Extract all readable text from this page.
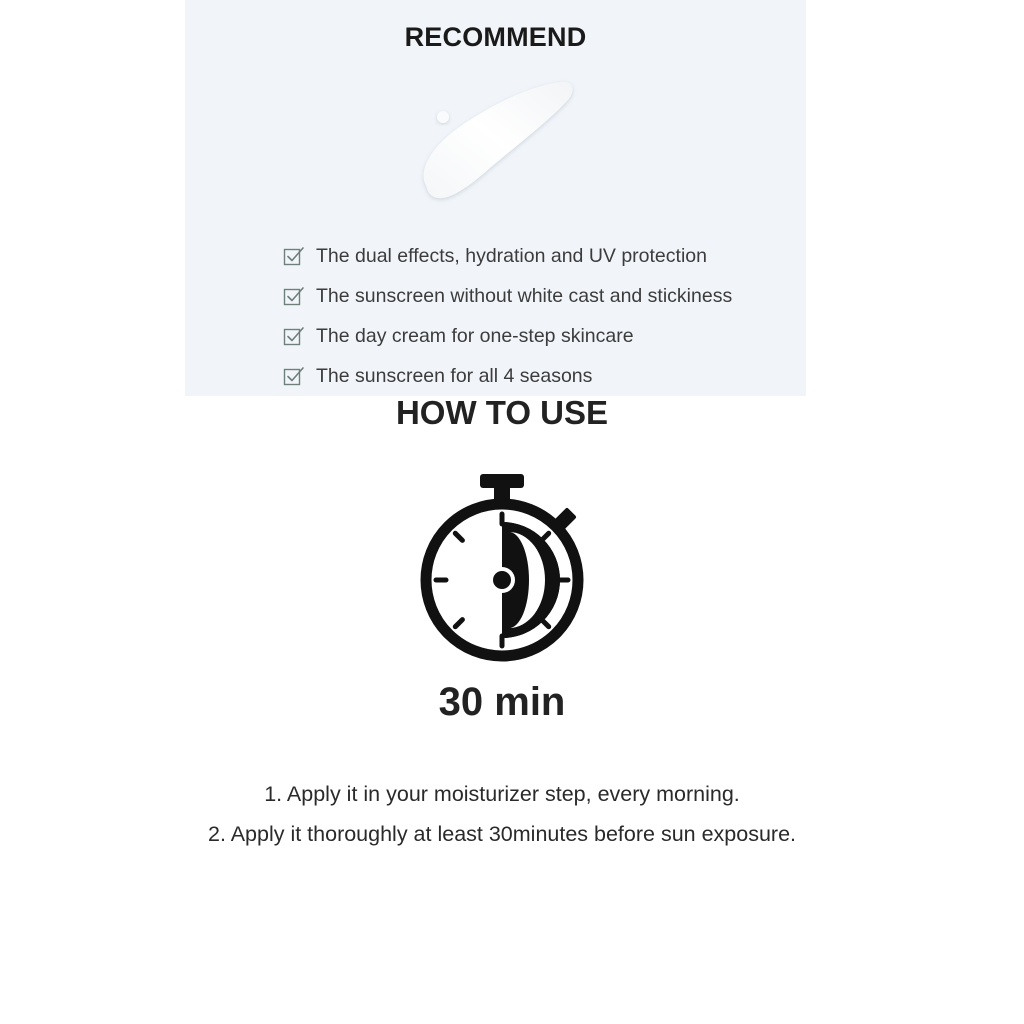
RECOMMEND
The dual effects, hydration and UV protection
The sunscreen without white cast and stickiness
The day cream for one-step skincare
The sunscreen for all 4 seasons
HOW TO USE
30 min
1. Apply it in your moisturizer step, every morning.
2. Apply it thoroughly at least 30minutes before sun exposure.
